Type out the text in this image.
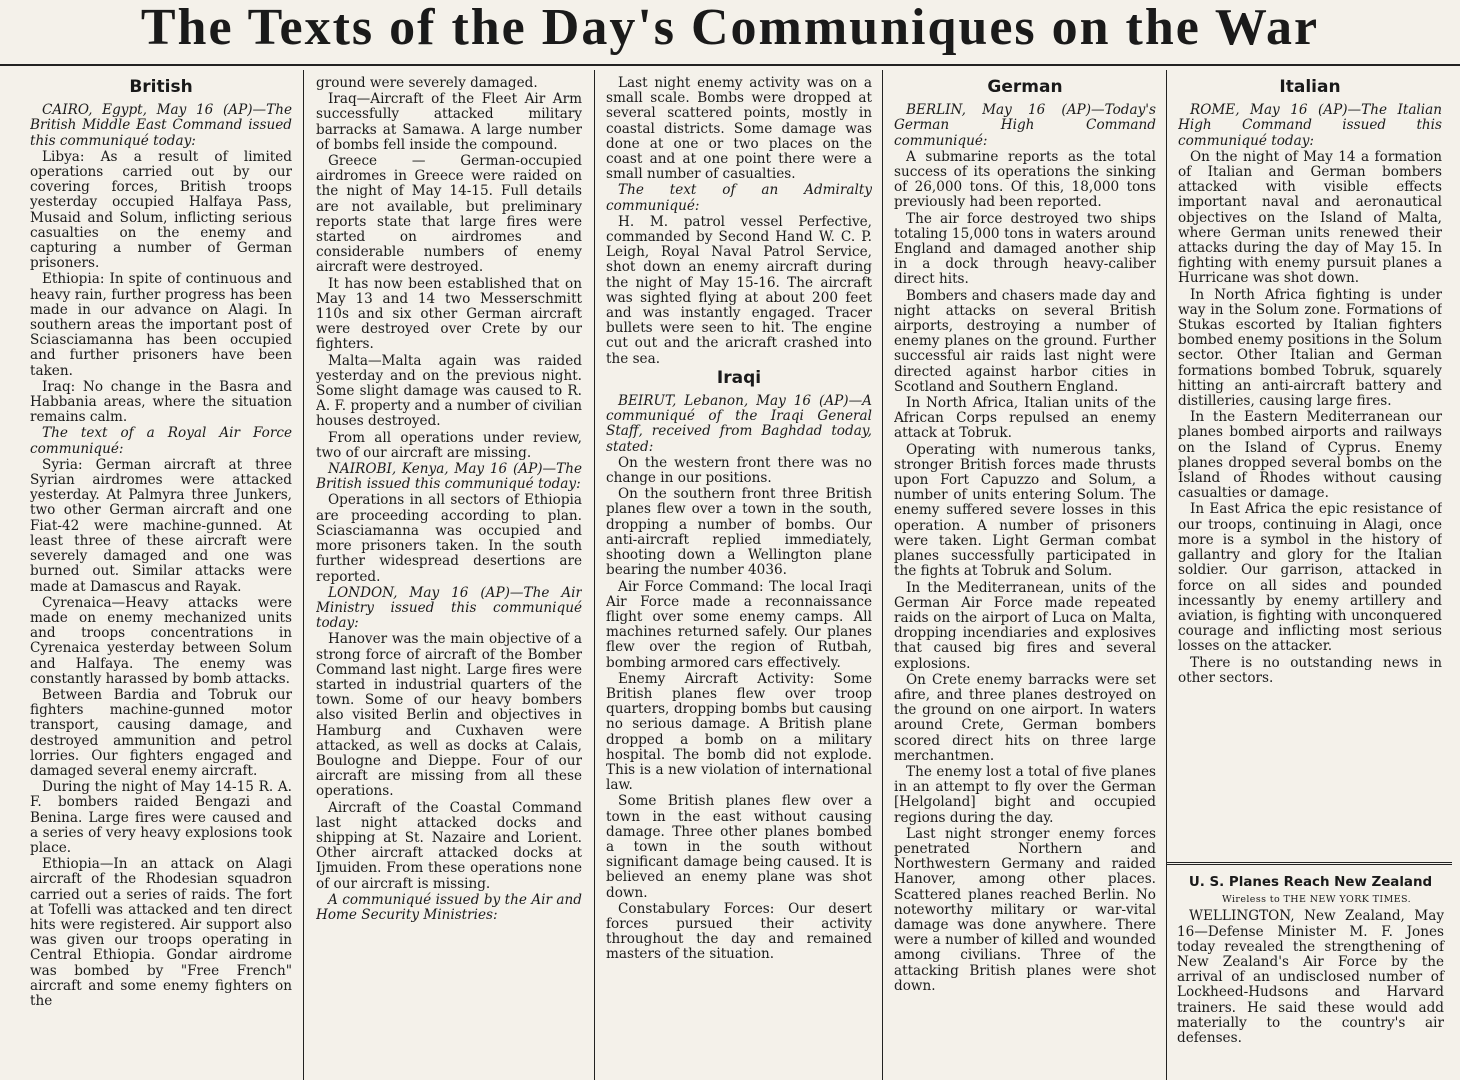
The Texts of the Day's Communiques on the War
British

CAIRO, Egypt, May 16 (AP)—The British Middle East Command issued this communiqué today:

Libya: As a result of limited operations carried out by our covering forces, British troops yesterday occupied Halfaya Pass, Musaid and Solum, inflicting serious casualties on the enemy and capturing a number of German prisoners.

Ethiopia: In spite of continuous and heavy rain, further progress has been made in our advance on Alagi. In southern areas the important post of Sciasciamanna has been occupied and further prisoners have been taken.

Iraq: No change in the Basra and Habbania areas, where the situation remains calm.

The text of a Royal Air Force communiqué:

Syria: German aircraft at three Syrian airdromes were attacked yesterday. At Palmyra three Junkers, two other German aircraft and one Fiat-42 were machine-gunned. At least three of these aircraft were severely damaged and one was burned out. Similar attacks were made at Damascus and Rayak.

Cyrenaica—Heavy attacks were made on enemy mechanized units and troops concentrations in Cyrenaica yesterday between Solum and Halfaya. The enemy was constantly harassed by bomb attacks.

Between Bardia and Tobruk our fighters machine-gunned motor transport, causing damage, and destroyed ammunition and petrol lorries. Our fighters engaged and damaged several enemy aircraft.

During the night of May 14-15 R. A. F. bombers raided Bengazi and Benina. Large fires were caused and a series of very heavy explosions took place.

Ethiopia—In an attack on Alagi aircraft of the Rhodesian squadron carried out a series of raids. The fort at Tofelli was attacked and ten direct hits were registered. Air support also was given our troops operating in Central Ethiopia. Gondar airdrome was bombed by "Free French" aircraft and some enemy fighters on the

ground were severely damaged.

Iraq—Aircraft of the Fleet Air Arm successfully attacked military barracks at Samawa. A large number of bombs fell inside the compound.

Greece — German-occupied airdromes in Greece were raided on the night of May 14-15. Full details are not available, but preliminary reports state that large fires were started on airdromes and considerable numbers of enemy aircraft were destroyed.

It has now been established that on May 13 and 14 two Messerschmitt 110s and six other German aircraft were destroyed over Crete by our fighters.

Malta—Malta again was raided yesterday and on the previous night. Some slight damage was caused to R. A. F. property and a number of civilian houses destroyed.

From all operations under review, two of our aircraft are missing.

NAIROBI, Kenya, May 16 (AP)—The British issued this communiqué today:

Operations in all sectors of Ethiopia are proceeding according to plan. Sciasciamanna was occupied and more prisoners taken. In the south further widespread desertions are reported.

LONDON, May 16 (AP)—The Air Ministry issued this communiqué today:

Hanover was the main objective of a strong force of aircraft of the Bomber Command last night. Large fires were started in industrial quarters of the town. Some of our heavy bombers also visited Berlin and objectives in Hamburg and Cuxhaven were attacked, as well as docks at Calais, Boulogne and Dieppe. Four of our aircraft are missing from all these operations.

Aircraft of the Coastal Command last night attacked docks and shipping at St. Nazaire and Lorient. Other aircraft attacked docks at Ijmuiden. From these operations none of our aircraft is missing.

A communiqué issued by the Air and Home Security Ministries:

Last night enemy activity was on a small scale. Bombs were dropped at several scattered points, mostly in coastal districts. Some damage was done at one or two places on the coast and at one point there were a small number of casualties.

The text of an Admiralty communiqué:

H. M. patrol vessel Perfective, commanded by Second Hand W. C. P. Leigh, Royal Naval Patrol Service, shot down an enemy aircraft during the night of May 15-16. The aircraft was sighted flying at about 200 feet and was instantly engaged. Tracer bullets were seen to hit. The engine cut out and the aricraft crashed into the sea.

Iraqi

BEIRUT, Lebanon, May 16 (AP)—A communiqué of the Iraqi General Staff, received from Baghdad today, stated:

On the western front there was no change in our positions.

On the southern front three British planes flew over a town in the south, dropping a number of bombs. Our anti-aircraft replied immediately, shooting down a Wellington plane bearing the number 4036.

Air Force Command: The local Iraqi Air Force made a reconnaissance flight over some enemy camps. All machines returned safely. Our planes flew over the region of Rutbah, bombing armored cars effectively.

Enemy Aircraft Activity: Some British planes flew over troop quarters, dropping bombs but causing no serious damage. A British plane dropped a bomb on a military hospital. The bomb did not explode. This is a new violation of international law.

Some British planes flew over a town in the east without causing damage. Three other planes bombed a town in the south without significant damage being caused. It is believed an enemy plane was shot down.

Constabulary Forces: Our desert forces pursued their activity throughout the day and remained masters of the situation.

German

BERLIN, May 16 (AP)—Today's German High Command communiqué:

A submarine reports as the total success of its operations the sinking of 26,000 tons. Of this, 18,000 tons previously had been reported.

The air force destroyed two ships totaling 15,000 tons in waters around England and damaged another ship in a dock through heavy-caliber direct hits.

Bombers and chasers made day and night attacks on several British airports, destroying a number of enemy planes on the ground. Further successful air raids last night were directed against harbor cities in Scotland and Southern England.

In North Africa, Italian units of the African Corps repulsed an enemy attack at Tobruk.

Operating with numerous tanks, stronger British forces made thrusts upon Fort Capuzzo and Solum, a number of units entering Solum. The enemy suffered severe losses in this operation. A number of prisoners were taken. Light German combat planes successfully participated in the fights at Tobruk and Solum.

In the Mediterranean, units of the German Air Force made repeated raids on the airport of Luca on Malta, dropping incendiaries and explosives that caused big fires and several explosions.

On Crete enemy barracks were set afire, and three planes destroyed on the ground on one airport. In waters around Crete, German bombers scored direct hits on three large merchantmen.

The enemy lost a total of five planes in an attempt to fly over the German [Helgoland] bight and occupied regions during the day.

Last night stronger enemy forces penetrated Northern and Northwestern Germany and raided Hanover, among other places. Scattered planes reached Berlin. No noteworthy military or war-vital damage was done anywhere. There were a number of killed and wounded among civilians. Three of the attacking British planes were shot down.

Italian

ROME, May 16 (AP)—The Italian High Command issued this communiqué today:

On the night of May 14 a formation of Italian and German bombers attacked with visible effects important naval and aeronautical objectives on the Island of Malta, where German units renewed their attacks during the day of May 15. In fighting with enemy pursuit planes a Hurricane was shot down.

In North Africa fighting is under way in the Solum zone. Formations of Stukas escorted by Italian fighters bombed enemy positions in the Solum sector. Other Italian and German formations bombed Tobruk, squarely hitting an anti-aircraft battery and distilleries, causing large fires.

In the Eastern Mediterranean our planes bombed airports and railways on the Island of Cyprus. Enemy planes dropped several bombs on the Island of Rhodes without causing casualties or damage.

In East Africa the epic resistance of our troops, continuing in Alagi, once more is a symbol in the history of gallantry and glory for the Italian soldier. Our garrison, attacked in force on all sides and pounded incessantly by enemy artillery and aviation, is fighting with unconquered courage and inflicting most serious losses on the attacker.

There is no outstanding news in other sectors.

U. S. Planes Reach New Zealand

Wireless to THE NEW YORK TIMES.

WELLINGTON, New Zealand, May 16—Defense Minister M. F. Jones today revealed the strengthening of New Zealand's Air Force by the arrival of an undisclosed number of Lockheed-Hudsons and Harvard trainers. He said these would add materially to the country's air defenses.
